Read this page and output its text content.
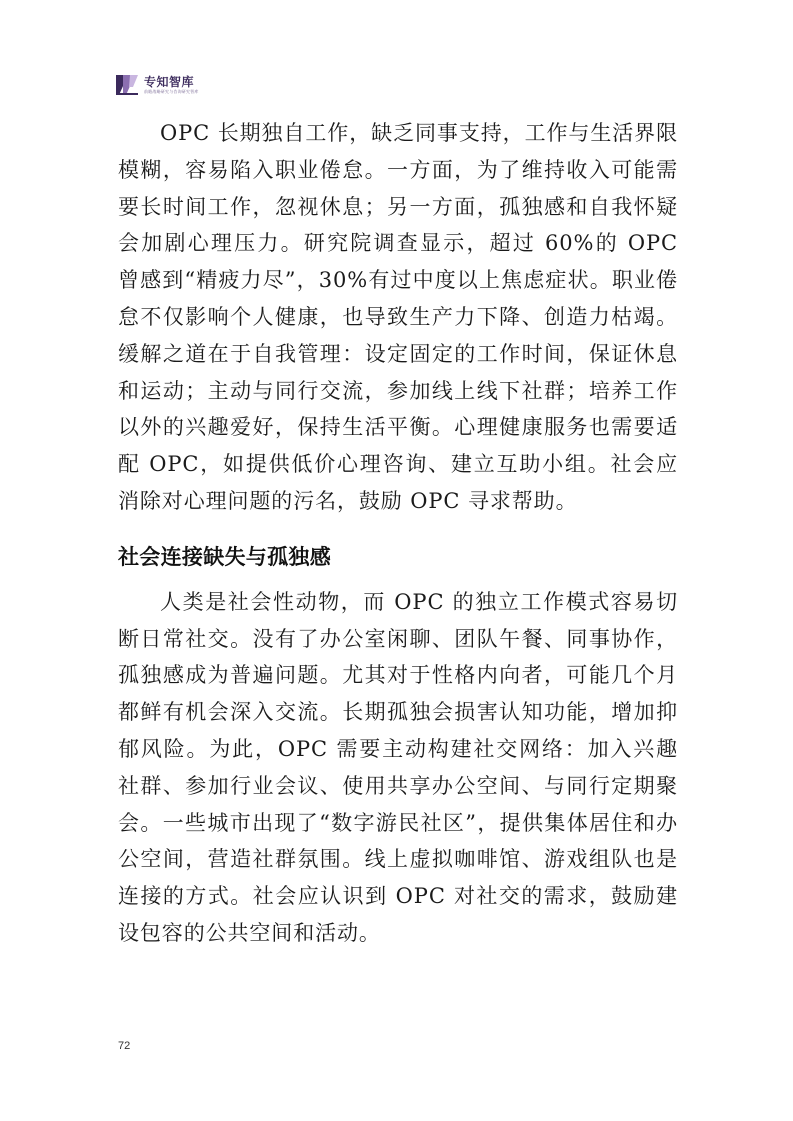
专知智库
前瞻战略研究与咨询研究智库

OPC 长期独自工作，缺乏同事支持，工作与生活界限模糊，容易陷入职业倦怠。一方面，为了维持收入可能需要长时间工作，忽视休息；另一方面，孤独感和自我怀疑会加剧心理压力。研究院调查显示，超过 60%的 OPC 曾感到“精疲力尽”，30%有过中度以上焦虑症状。职业倦怠不仅影响个人健康，也导致生产力下降、创造力枯竭。缓解之道在于自我管理：设定固定的工作时间，保证休息和运动；主动与同行交流，参加线上线下社群；培养工作以外的兴趣爱好，保持生活平衡。心理健康服务也需要适配 OPC，如提供低价心理咨询、建立互助小组。社会应消除对心理问题的污名，鼓励 OPC 寻求帮助。

社会连接缺失与孤独感

人类是社会性动物，而 OPC 的独立工作模式容易切断日常社交。没有了办公室闲聊、团队午餐、同事协作，孤独感成为普遍问题。尤其对于性格内向者，可能几个月都鲜有机会深入交流。长期孤独会损害认知功能，增加抑郁风险。为此，OPC 需要主动构建社交网络：加入兴趣社群、参加行业会议、使用共享办公空间、与同行定期聚会。一些城市出现了“数字游民社区”，提供集体居住和办公空间，营造社群氛围。线上虚拟咖啡馆、游戏组队也是连接的方式。社会应认识到 OPC 对社交的需求，鼓励建设包容的公共空间和活动。

72
